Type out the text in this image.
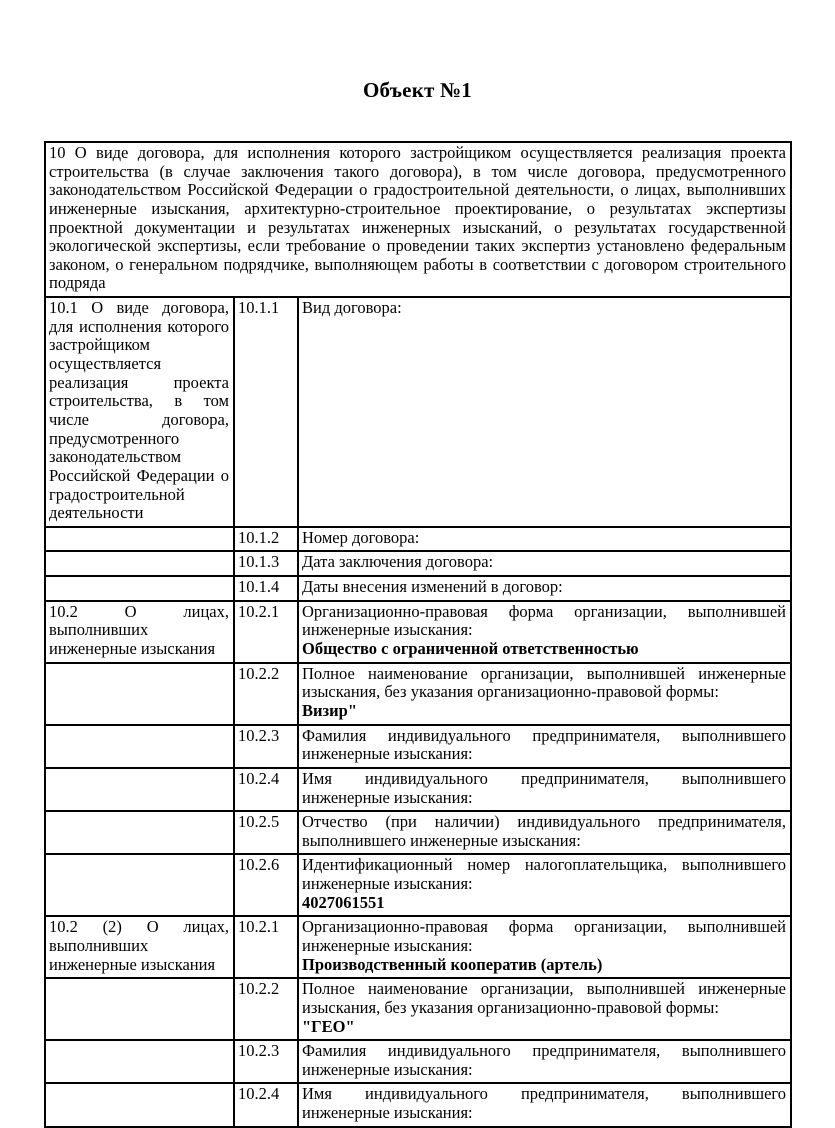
Объект №1
10 О виде договора, для исполнения которого застройщиком осуществляется реализация проекта строительства (в случае заключения такого договора), в том числе договора, предусмотренного законодательством Российской Федерации о градостроительной деятельности, о лицах, выполнивших инженерные изыскания, архитектурно-строительное проектирование, о результатах экспертизы проектной документации и результатах инженерных изысканий, о результатах государственной экологической экспертизы, если требование о проведении таких экспертиз установлено федеральным законом, о генеральном подрядчике, выполняющем работы в соответствии с договором строительного подряда		
10.1 О виде договора, для исполнения которого застройщиком осуществляется реализация проекта строительства, в том числе договора, предусмотренного законодательством Российской Федерации о градостроительной деятельности	10.1.1	Вид договора:

	10.1.2	Номер договора:

	10.1.3	Дата заключения договора:

	10.1.4	Даты внесения изменений в договор:

10.2 О лицах, выполнивших инженерные изыскания	10.2.1	Организационно-правовая форма организации, выполнившей инженерные изыскания:
Общество с ограниченной ответственностью

	10.2.2	Полное наименование организации, выполнившей инженерные изыскания, без указания организационно-правовой формы:
Визир"

	10.2.3	Фамилия индивидуального предпринимателя, выполнившего инженерные изыскания:

	10.2.4	Имя индивидуального предпринимателя, выполнившего инженерные изыскания:

	10.2.5	Отчество (при наличии) индивидуального предпринимателя, выполнившего инженерные изыскания:

	10.2.6	Идентификационный номер налогоплательщика, выполнившего инженерные изыскания:
4027061551

10.2 (2) О лицах, выполнивших инженерные изыскания	10.2.1	Организационно-правовая форма организации, выполнившей инженерные изыскания:
Производственный кооператив (артель)

	10.2.2	Полное наименование организации, выполнившей инженерные изыскания, без указания организационно-правовой формы:
"ГЕО"

	10.2.3	Фамилия индивидуального предпринимателя, выполнившего инженерные изыскания:

	10.2.4	Имя индивидуального предпринимателя, выполнившего инженерные изыскания:
